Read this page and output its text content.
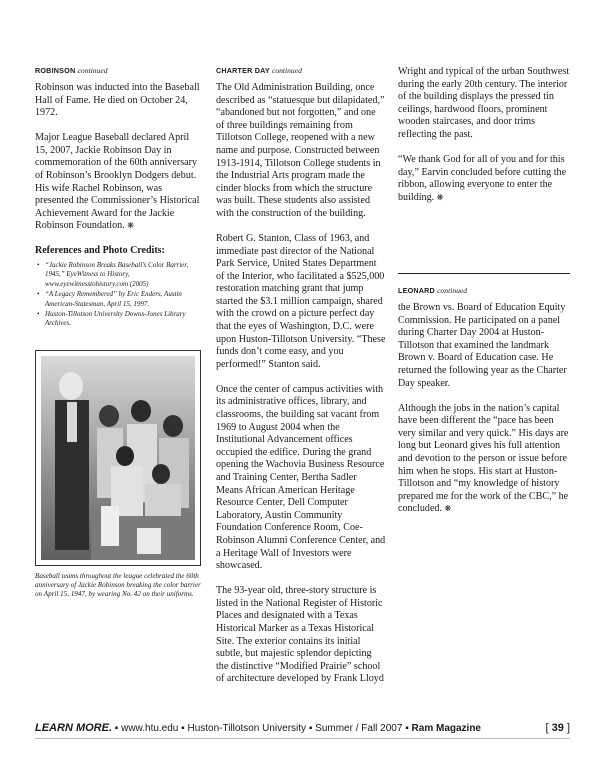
ROBINSON continued

Robinson was inducted into the Baseball Hall of Fame. He died on October 24, 1972.

Major League Baseball declared April 15, 2007, Jackie Robinson Day in commemoration of the 60th anniversary of Robinson’s Brooklyn Dodgers debut. His wife Rachel Robinson, was presented the Commissioner’s Historical Achievement Award for the Jackie Robinson Foundation. ❋

References and Photo Credits:
• “Jackie Robinson Breaks Baseball’s Color Barrier, 1945,” EyeWitness to History, www.eyewitnesstohistory.com (2005)
• “A Legacy Remembered” by Eric Enders, Austin American-Statesman, April 15, 1997.
• Huston-Tillotson University Downs-Jones Library Archives.
Baseball teams throughout the league celebrated the 60th anniversary of Jackie Robinson breaking the color barrier on April 15, 1947, by wearing No. 42 on their uniforms.
CHARTER DAY continued

The Old Administration Building, once described as “statuesque but dilapidated,” “abandoned but not forgotten,” and one of three buildings remaining from Tillotson College, reopened with a new name and purpose. Constructed between 1913-1914, Tillotson College students in the Industrial Arts program made the cinder blocks from which the structure was built. These students also assisted with the construction of the building.

Robert G. Stanton, Class of 1963, and immediate past director of the National Park Service, United States Department of the Interior, who facilitated a $525,000 restoration matching grant that jump started the $3.1 million campaign, shared with the crowd on a picture perfect day that the eyes of Washington, D.C. were upon Huston-Tillotson University. “These funds don’t come easy, and you performed!” Stanton said.

Once the center of campus activities with its administrative offices, library, and classrooms, the building sat vacant from 1969 to August 2004 when the Institutional Advancement offices occupied the edifice. During the grand opening the Wachovia Business Resource and Training Center, Bertha Sadler Means African American Heritage Resource Center, Dell Computer Laboratory, Austin Community Foundation Conference Room, Coe-Robinson Alumni Conference Center, and a Heritage Wall of Investors were showcased.

The 93-year old, three-story structure is listed in the National Register of Historic Places and designated with a Texas Historical Marker as a Texas Historical Site. The exterior contains its initial subtle, but majestic splendor depicting the distinctive “Modified Prairie” school of architecture developed by Frank Lloyd

Wright and typical of the urban Southwest during the early 20th century. The interior of the building displays the pressed tin ceilings, hardwood floors, prominent wooden staircases, and door trims reflecting the past.

“We thank God for all of you and for this day,” Earvin concluded before cutting the ribbon, allowing everyone to enter the building. ❋

LEONARD continued

the Brown vs. Board of Education Equity Commission. He participated on a panel during Charter Day 2004 at Huston-Tillotson that examined the landmark Brown v. Board of Education case. He returned the following year as the Charter Day speaker.

Although the jobs in the nation’s capital have been different the “pace has been very similar and very quick.” His days are long but Leonard gives his full attention and devotion to the person or issue before him when he stops. His start at Huston-Tillotson and “my knowledge of history prepared me for the work of the CBC,” he concluded. ❋

LEARN MORE. ▪ www.htu.edu ▪ Huston-Tillotson University ▪ Summer / Fall 2007 ▪ Ram Magazine	[ 39 ]
